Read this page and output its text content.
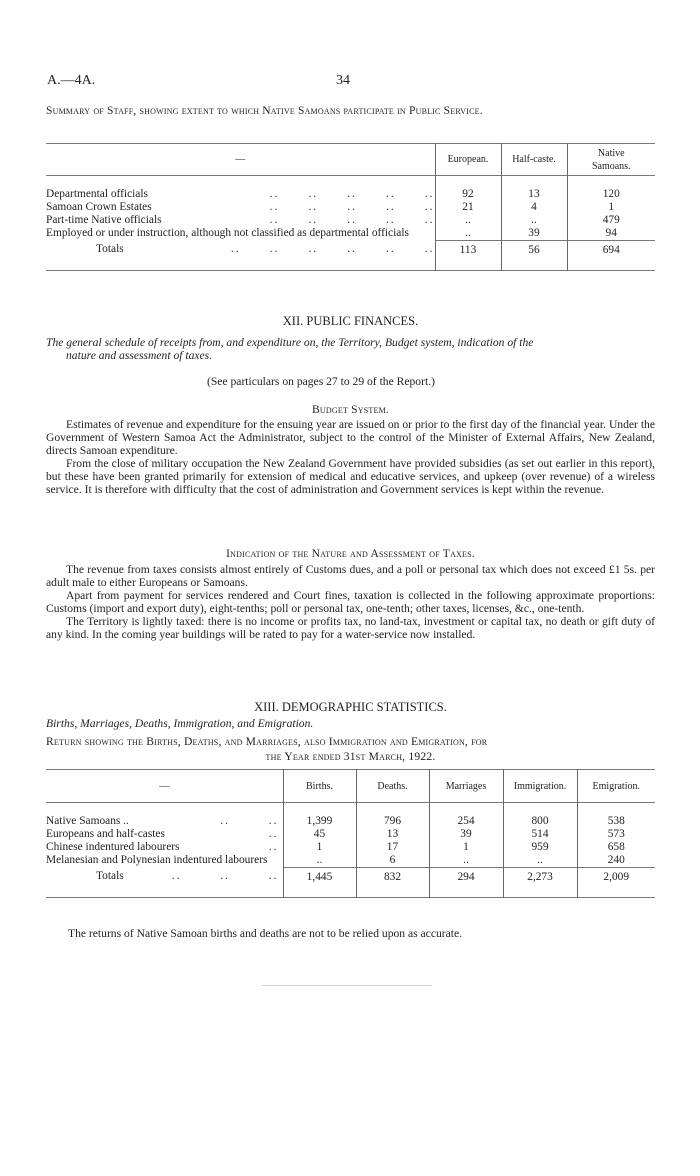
A.—4A.	34
Summary of Staff, showing extent to which Native Samoans participate in Public Service.
—	European.	Half-caste.	Native Samoans.

Departmental officials ..      ..      ..      ..      ..	92	13	120
Samoan Crown Estates ..      ..      ..      ..      ..	21	4	1
Part-time Native officials ..      ..      ..      ..      ..	..	..	479
Employed or under instruction, although not classified as departmental officials	..	39	94
Totals ..      ..      ..      ..      ..      ..	113	56	694
XII. PUBLIC FINANCES.
The general schedule of receipts from, and expenditure on, the Territory, Budget system, indication of the nature and assessment of taxes.
(See particulars on pages 27 to 29 of the Report.)
Budget System.

Estimates of revenue and expenditure for the ensuing year are issued on or prior to the first day of the financial year. Under the Government of Western Samoa Act the Administrator, subject to the control of the Minister of External Affairs, New Zealand, directs Samoan expenditure.

From the close of military occupation the New Zealand Government have provided subsidies (as set out earlier in this report), but these have been granted primarily for extension of medical and educative services, and upkeep (over revenue) of a wireless service. It is therefore with difficulty that the cost of administration and Government services is kept within the revenue.

Indication of the Nature and Assessment of Taxes.

The revenue from taxes consists almost entirely of Customs dues, and a poll or personal tax which does not exceed £1 5s. per adult male to either Europeans or Samoans.

Apart from payment for services rendered and Court fines, taxation is collected in the following approximate proportions: Customs (import and export duty), eight-tenths; poll or personal tax, one-tenth; other taxes, licenses, &c., one-tenth.

The Territory is lightly taxed: there is no income or profits tax, no land-tax, investment or capital tax, no death or gift duty of any kind. In the coming year buildings will be rated to pay for a water-service now installed.

XIII. DEMOGRAPHIC STATISTICS.
Births, Marriages, Deaths, Immigration, and Emigration.
Return showing the Births, Deaths, and Marriages, also Immigration and Emigration, for
the Year ended 31st March, 1922.
—	Births.	Deaths.	Marriages	Immigration.	Emigration.

Native Samoans .. ..        ..	1,399	796	254	800	538
Europeans and half-castes ..	45	13	39	514	573
Chinese indentured labourers ..	1	17	1	959	658
Melanesian and Polynesian indentured labourers	..	6	..	..	240
Totals ..        ..        ..	1,445	832	294	2,273	2,009
The returns of Native Samoan births and deaths are not to be relied upon as accurate.
